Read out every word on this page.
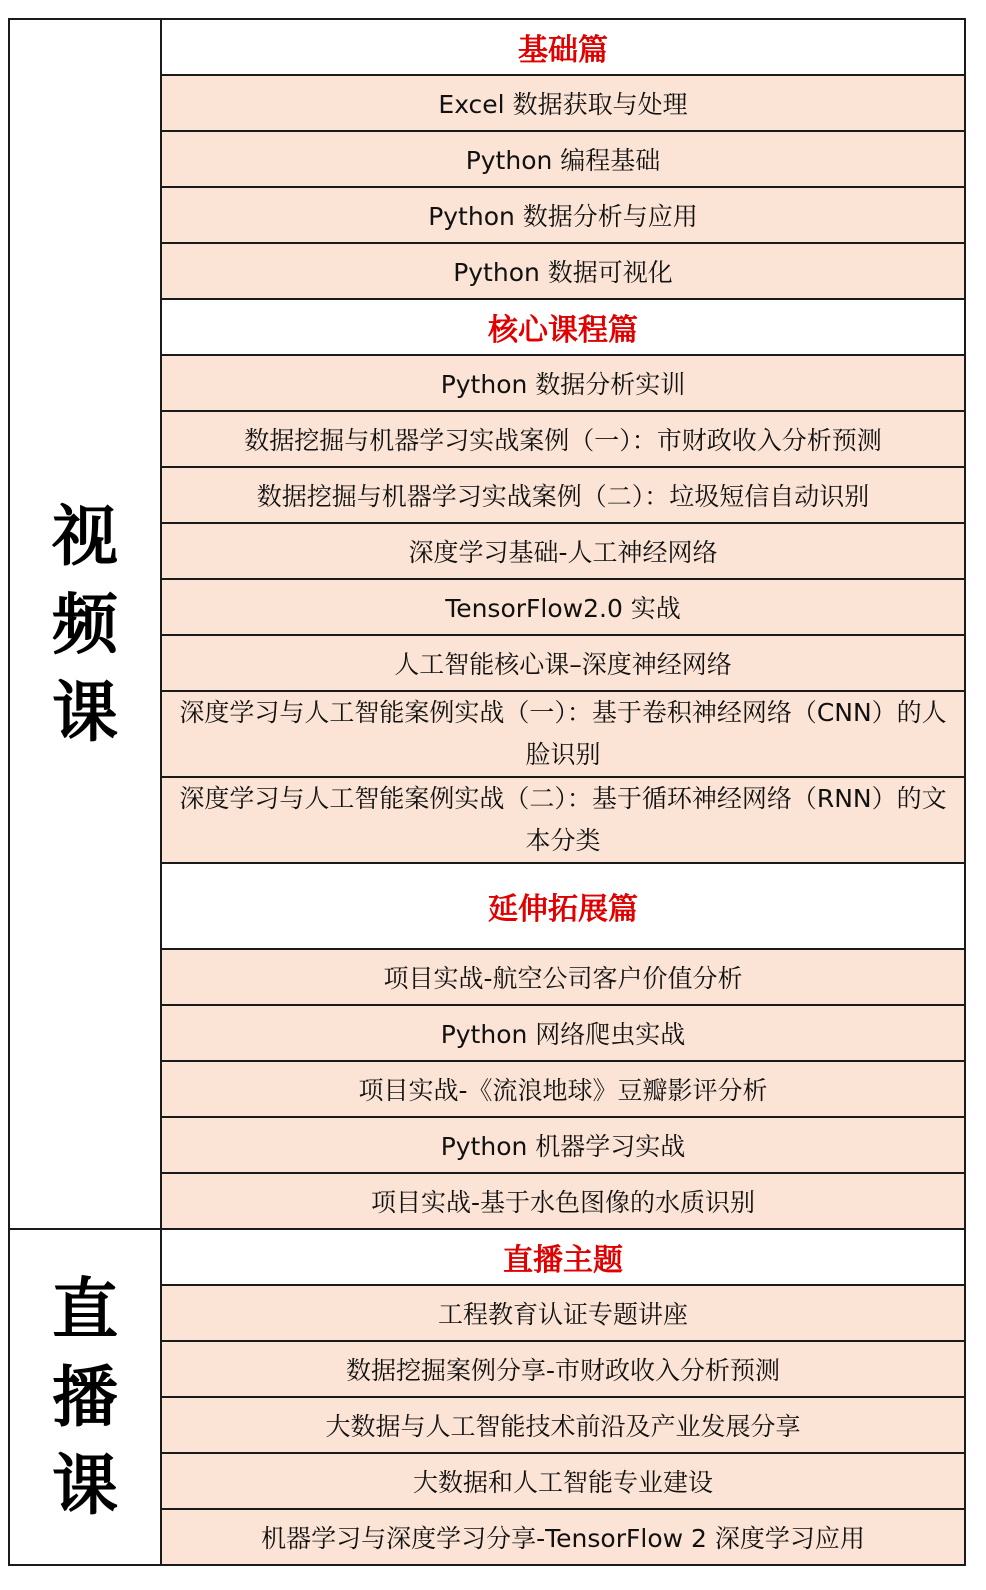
视频课
基础篇
Excel 数据获取与处理
Python 编程基础
Python 数据分析与应用
Python 数据可视化
核心课程篇
Python 数据分析实训
数据挖掘与机器学习实战案例（一）：市财政收入分析预测
数据挖掘与机器学习实战案例（二）：垃圾短信自动识别
深度学习基础-人工神经网络
TensorFlow2.0 实战
人工智能核心课–深度神经网络
深度学习与人工智能案例实战（一）：基于卷积神经网络（CNN）的人脸识别
深度学习与人工智能案例实战（二）：基于循环神经网络（RNN）的文本分类
延伸拓展篇
项目实战-航空公司客户价值分析
Python 网络爬虫实战
项目实战-《流浪地球》豆瓣影评分析
Python 机器学习实战
项目实战-基于水色图像的水质识别
直播课
直播主题
工程教育认证专题讲座
数据挖掘案例分享-市财政收入分析预测
大数据与人工智能技术前沿及产业发展分享
大数据和人工智能专业建设
机器学习与深度学习分享-TensorFlow 2 深度学习应用
